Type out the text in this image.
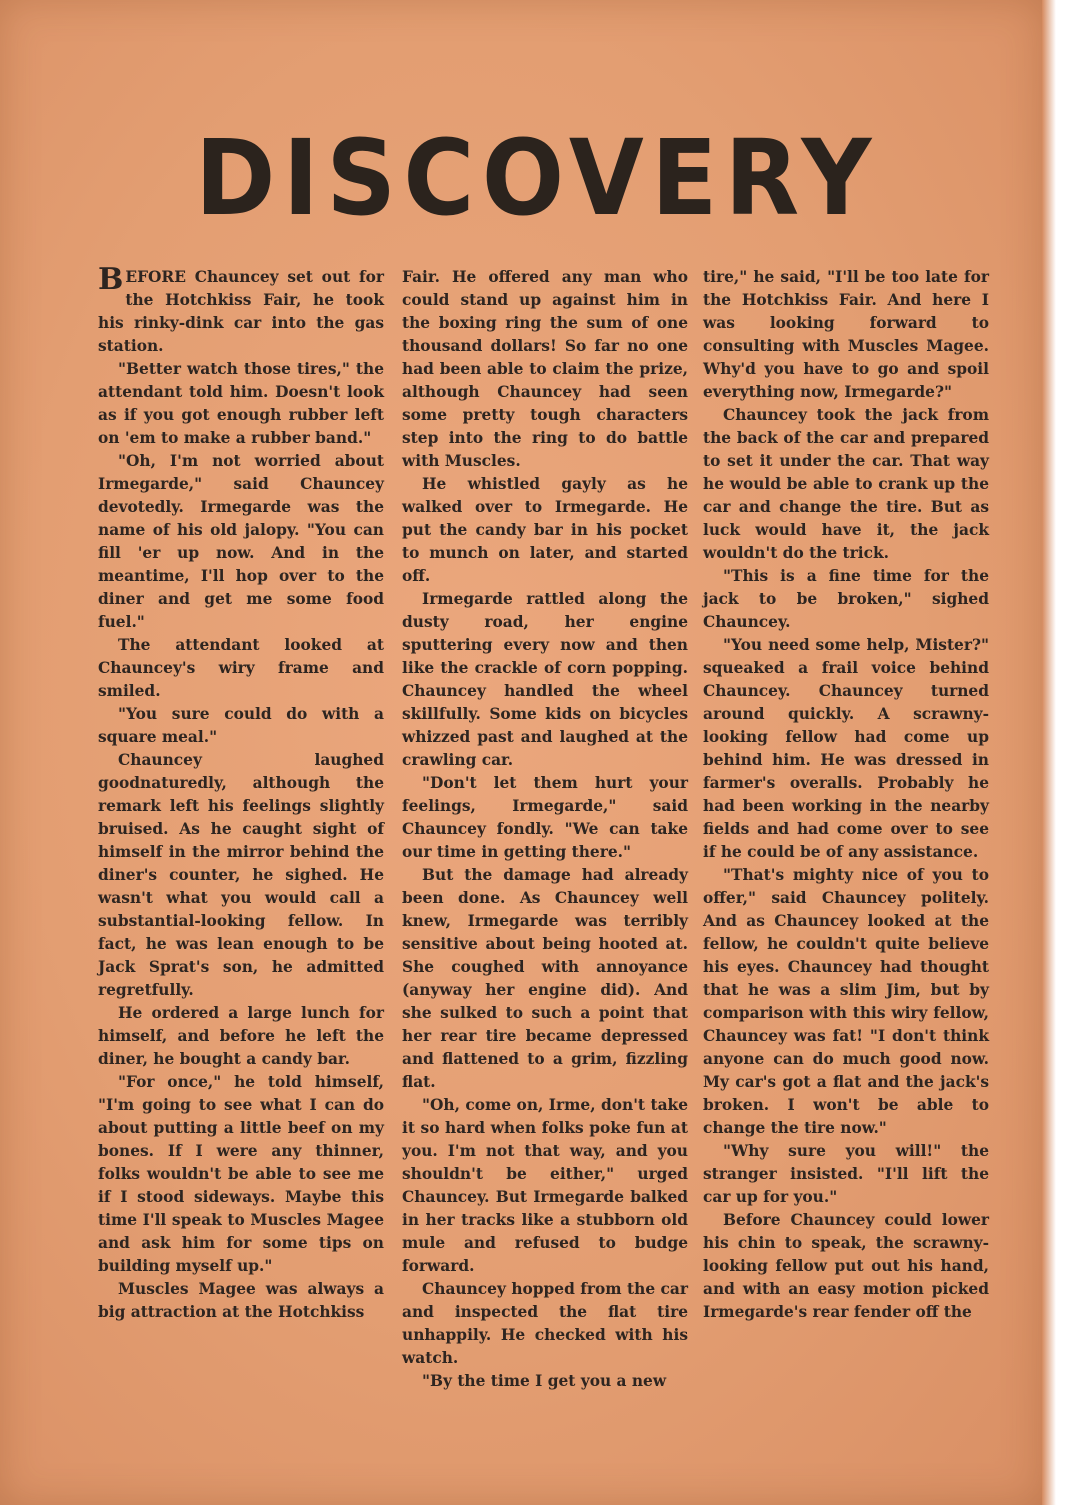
DISCOVERY

BEFORE Chauncey set out for the Hotchkiss Fair, he took his rinky-dink car into the gas station.

"Better watch those tires," the attendant told him. Doesn't look as if you got enough rubber left on 'em to make a rubber band."

"Oh, I'm not worried about Irmegarde," said Chauncey devotedly. Irmegarde was the name of his old jalopy. "You can fill 'er up now. And in the meantime, I'll hop over to the diner and get me some food fuel."

The attendant looked at Chauncey's wiry frame and smiled.

"You sure could do with a square meal."

Chauncey laughed goodnaturedly, although the remark left his feelings slightly bruised. As he caught sight of himself in the mirror behind the diner's counter, he sighed. He wasn't what you would call a substantial-looking fellow. In fact, he was lean enough to be Jack Sprat's son, he admitted regretfully.

He ordered a large lunch for himself, and before he left the diner, he bought a candy bar.

"For once," he told himself, "I'm going to see what I can do about putting a little beef on my bones. If I were any thinner, folks wouldn't be able to see me if I stood sideways. Maybe this time I'll speak to Muscles Magee and ask him for some tips on building myself up."

Muscles Magee was always a big attraction at the Hotchkiss

Fair. He offered any man who could stand up against him in the boxing ring the sum of one thousand dollars! So far no one had been able to claim the prize, although Chauncey had seen some pretty tough characters step into the ring to do battle with Muscles.

He whistled gayly as he walked over to Irmegarde. He put the candy bar in his pocket to munch on later, and started off.

Irmegarde rattled along the dusty road, her engine sputtering every now and then like the crackle of corn popping. Chauncey handled the wheel skillfully. Some kids on bicycles whizzed past and laughed at the crawling car.

"Don't let them hurt your feelings, Irmegarde," said Chauncey fondly. "We can take our time in getting there."

But the damage had already been done. As Chauncey well knew, Irmegarde was terribly sensitive about being hooted at. She coughed with annoyance (anyway her engine did). And she sulked to such a point that her rear tire became depressed and flattened to a grim, fizzling flat.

"Oh, come on, Irme, don't take it so hard when folks poke fun at you. I'm not that way, and you shouldn't be either," urged Chauncey. But Irmegarde balked in her tracks like a stubborn old mule and refused to budge forward.

Chauncey hopped from the car and inspected the flat tire unhappily. He checked with his watch.

"By the time I get you a new

tire," he said, "I'll be too late for the Hotchkiss Fair. And here I was looking forward to consulting with Muscles Magee. Why'd you have to go and spoil everything now, Irmegarde?"

Chauncey took the jack from the back of the car and prepared to set it under the car. That way he would be able to crank up the car and change the tire. But as luck would have it, the jack wouldn't do the trick.

"This is a fine time for the jack to be broken," sighed Chauncey.

"You need some help, Mister?" squeaked a frail voice behind Chauncey. Chauncey turned around quickly. A scrawny-looking fellow had come up behind him. He was dressed in farmer's overalls. Probably he had been working in the nearby fields and had come over to see if he could be of any assistance.

"That's mighty nice of you to offer," said Chauncey politely. And as Chauncey looked at the fellow, he couldn't quite believe his eyes. Chauncey had thought that he was a slim Jim, but by comparison with this wiry fellow, Chauncey was fat! "I don't think anyone can do much good now. My car's got a flat and the jack's broken. I won't be able to change the tire now."

"Why sure you will!" the stranger insisted. "I'll lift the car up for you."

Before Chauncey could lower his chin to speak, the scrawny-looking fellow put out his hand, and with an easy motion picked Irmegarde's rear fender off the
